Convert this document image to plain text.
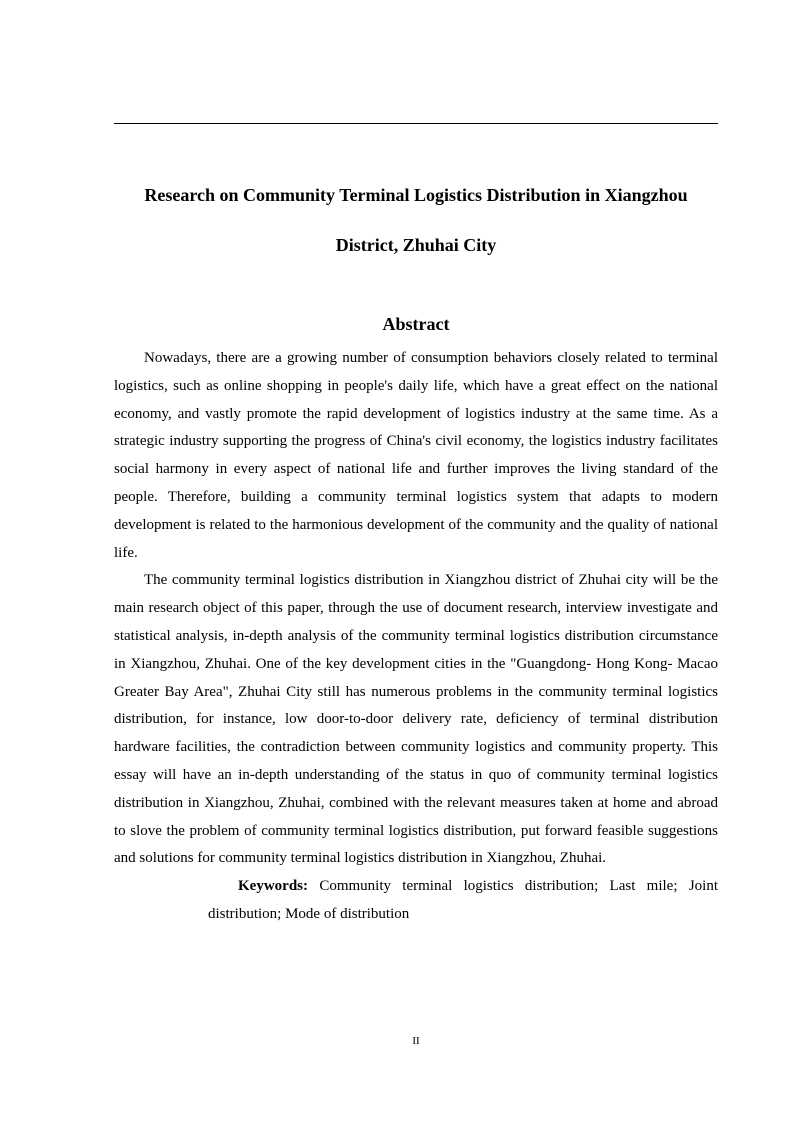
Research on Community Terminal Logistics Distribution in Xiangzhou District, Zhuhai City
Abstract

Nowadays, there are a growing number of consumption behaviors closely related to terminal logistics, such as online shopping in people's daily life, which have a great effect on the national economy, and vastly promote the rapid development of logistics industry at the same time. As a strategic industry supporting the progress of China's civil economy, the logistics industry facilitates social harmony in every aspect of national life and further improves the living standard of the people. Therefore, building a community terminal logistics system that adapts to modern development is related to the harmonious development of the community and the quality of national life.

The community terminal logistics distribution in Xiangzhou district of Zhuhai city will be the main research object of this paper, through the use of document research, interview investigate and statistical analysis, in-depth analysis of the community terminal logistics distribution circumstance in Xiangzhou, Zhuhai. One of the key development cities in the "Guangdong- Hong Kong- Macao Greater Bay Area", Zhuhai City still has numerous problems in the community terminal logistics distribution, for instance, low door-to-door delivery rate, deficiency of terminal distribution hardware facilities, the contradiction between community logistics and community property. This essay will have an in-depth understanding of the status in quo of community terminal logistics distribution in Xiangzhou, Zhuhai, combined with the relevant measures taken at home and abroad to slove the problem of community terminal logistics distribution, put forward feasible suggestions and solutions for community terminal logistics distribution in Xiangzhou, Zhuhai.

Keywords: Community terminal logistics distribution; Last mile; Joint distribution; Mode of distribution

II
